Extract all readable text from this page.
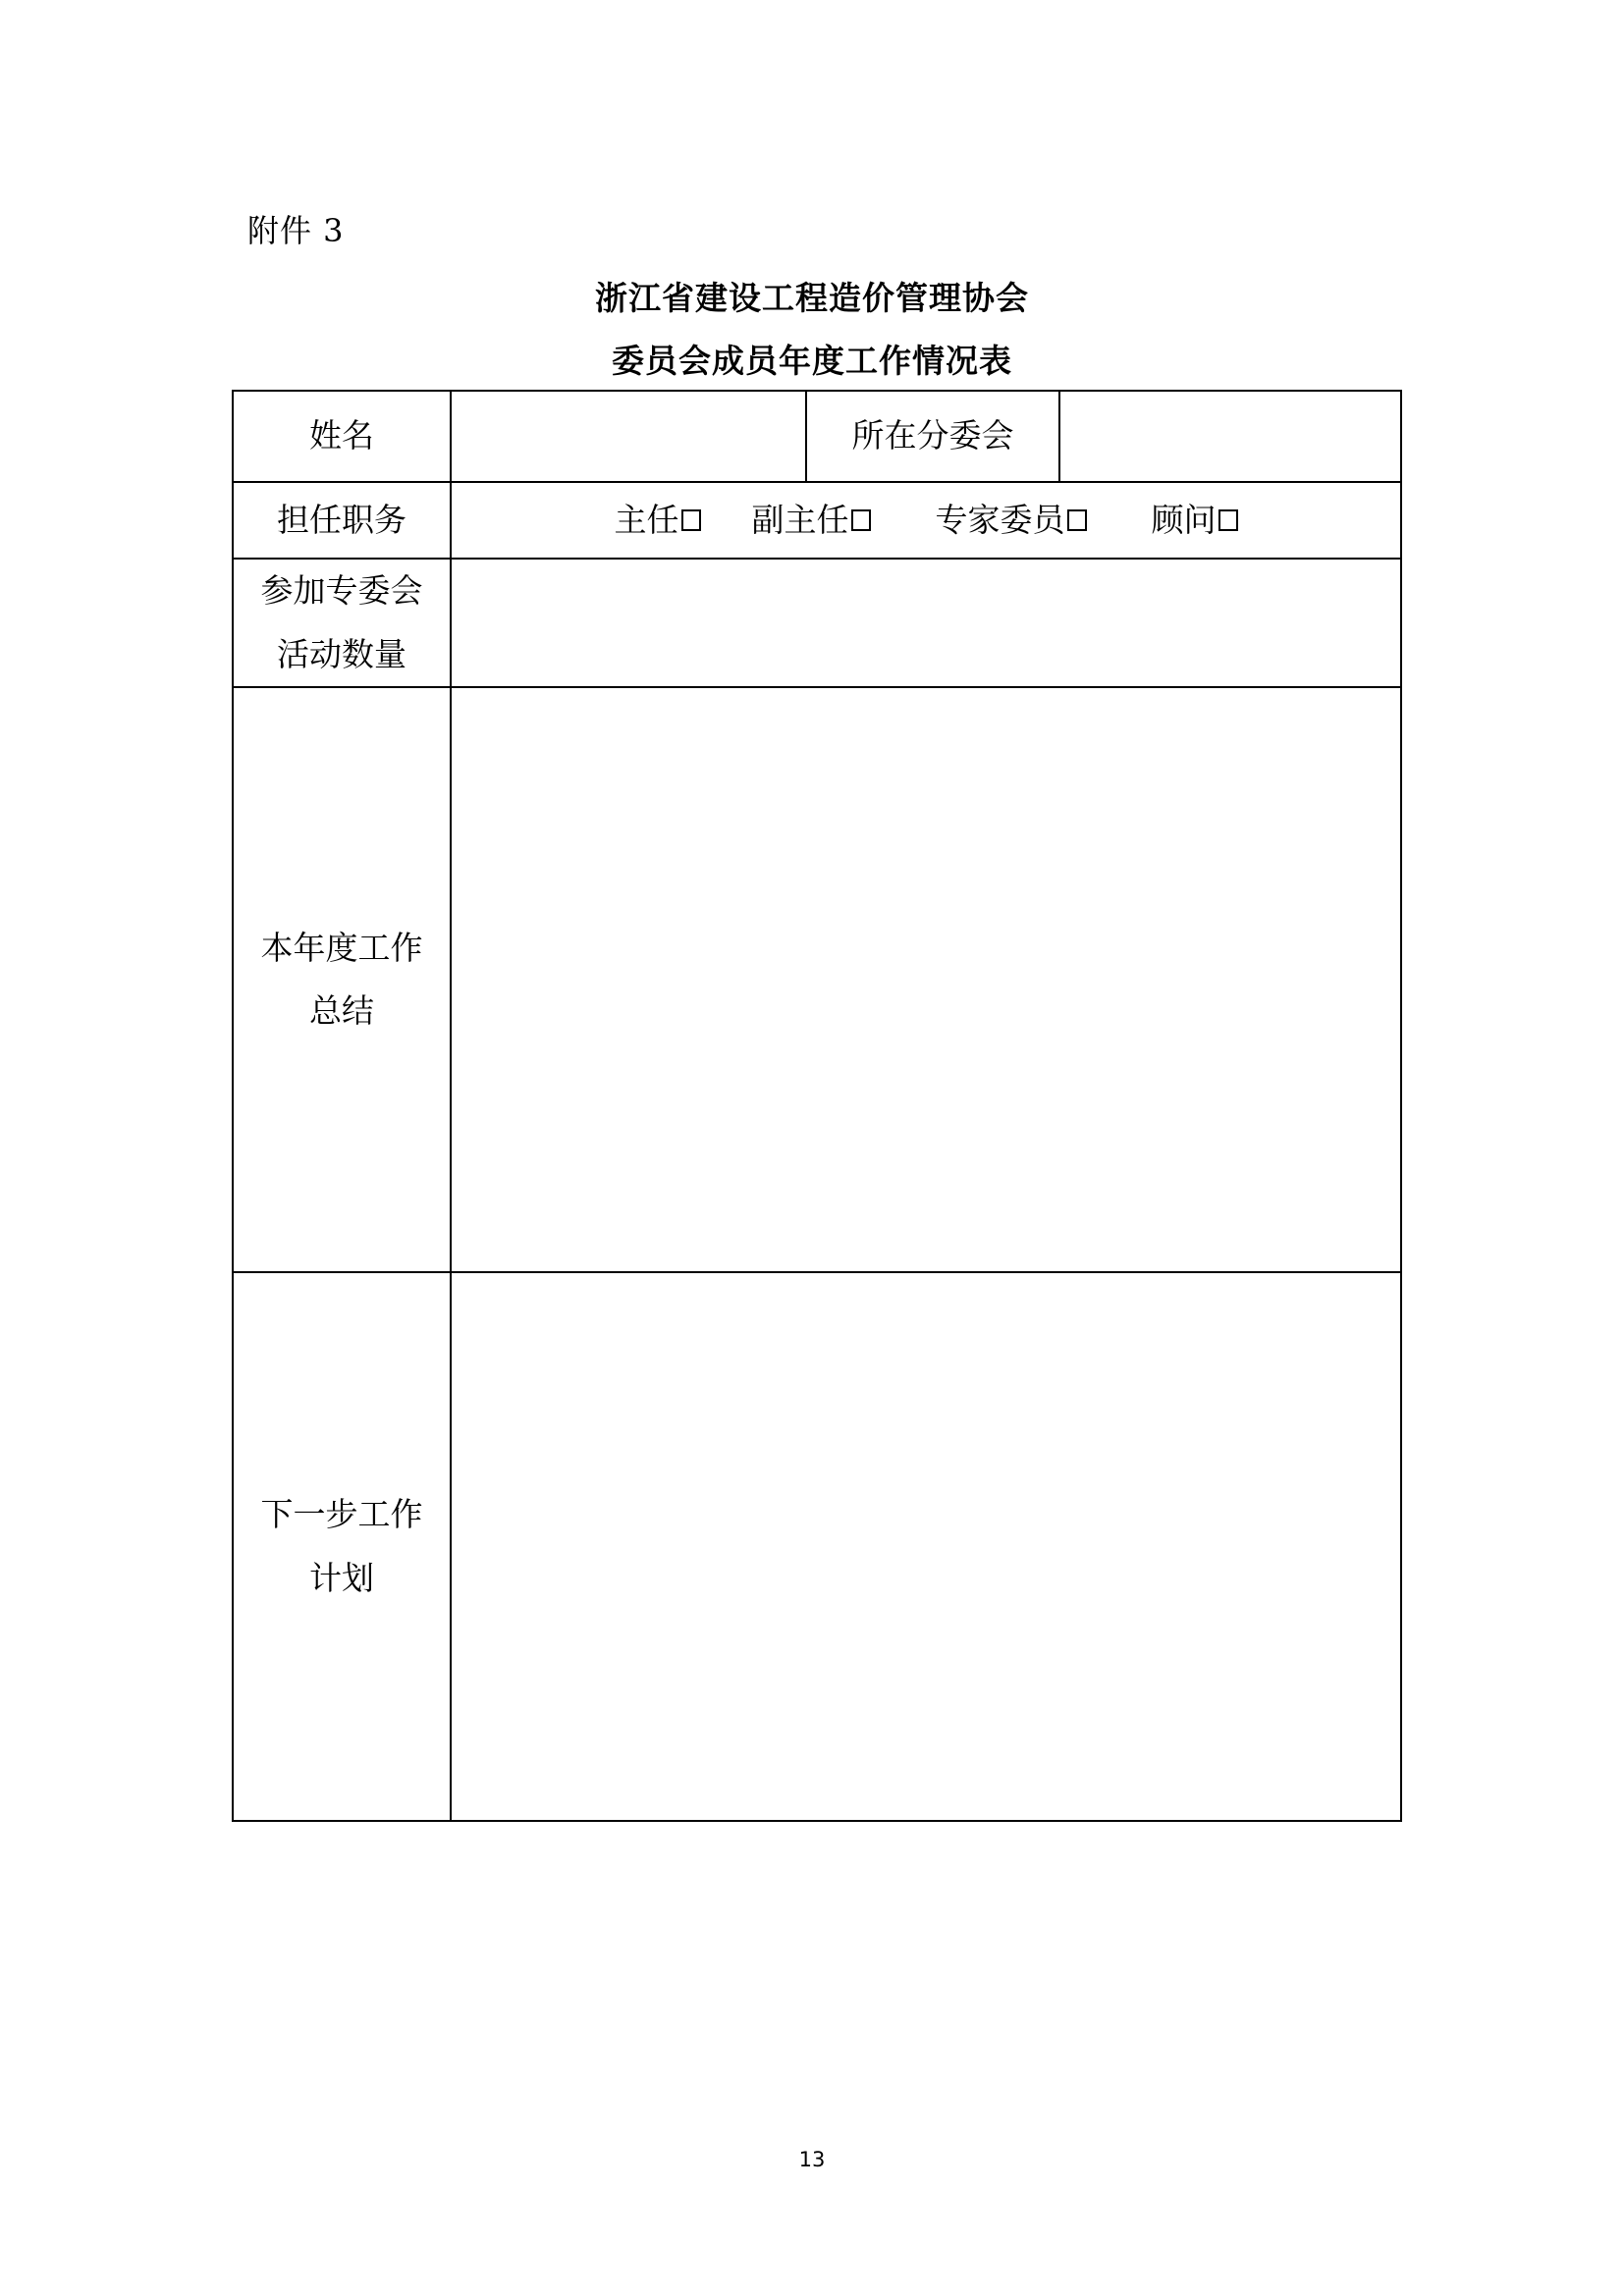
附件 3
浙江省建设工程造价管理协会
委员会成员年度工作情况表
姓名		所在分委会	
担任职务	主任 副主任 专家委员 顾问		

参加专委会
活动数量			

本年度工作
总结			

下一步工作
计划			

13
